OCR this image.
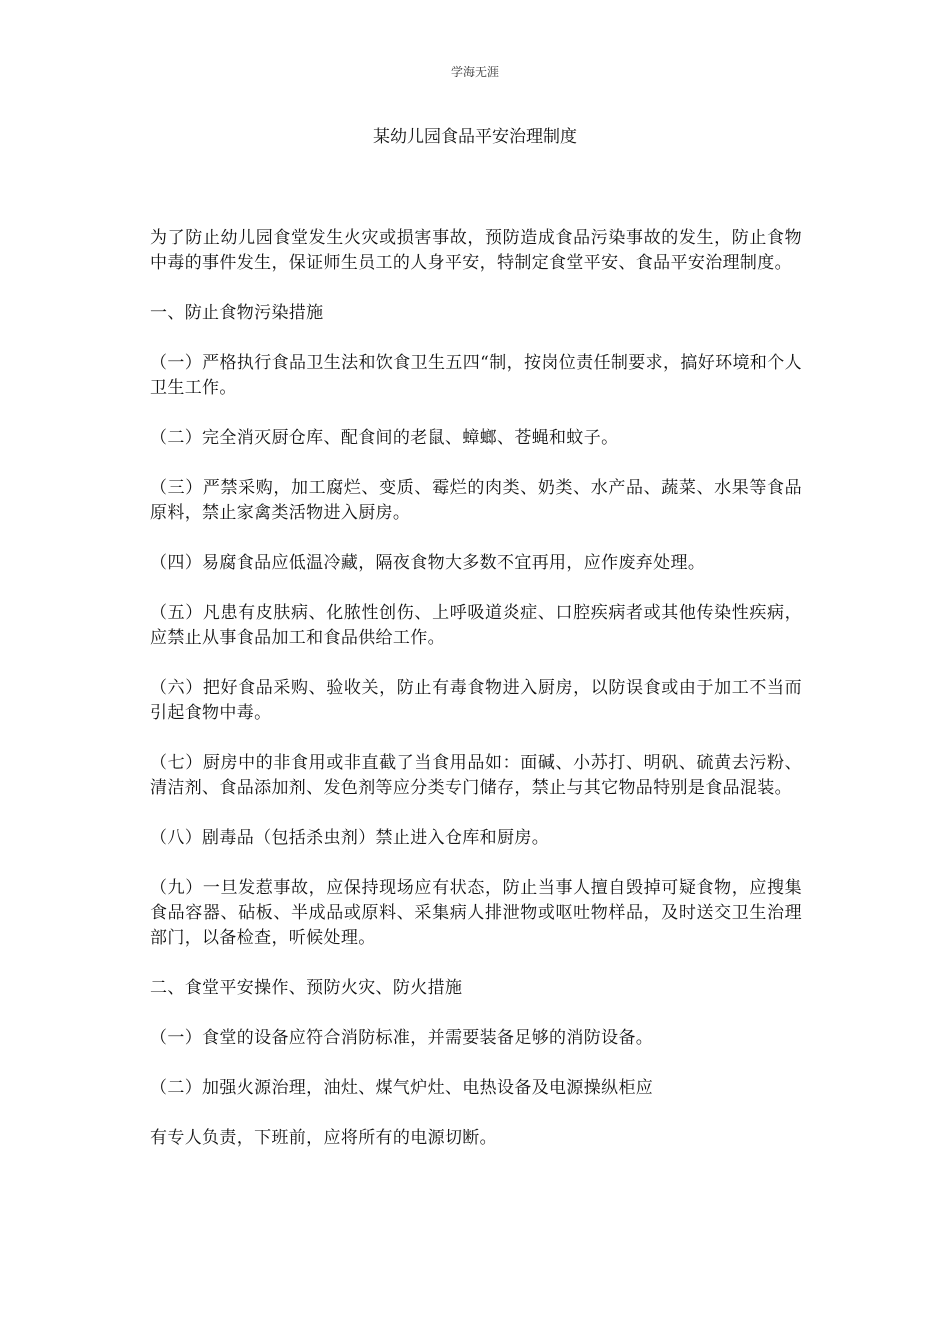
学海无涯
某幼儿园食品平安治理制度

为了防止幼儿园食堂发生火灾或损害事故，预防造成食品污染事故的发生，防止食物中毒的事件发生，保证师生员工的人身平安，特制定食堂平安、食品平安治理制度。

一、防止食物污染措施

（一）严格执行食品卫生法和饮食卫生五四“制，按岗位责任制要求，搞好环境和个人卫生工作。

（二）完全消灭厨仓库、配食间的老鼠、蟑螂、苍蝇和蚊子。

（三）严禁采购，加工腐烂、变质、霉烂的肉类、奶类、水产品、蔬菜、水果等食品原料，禁止家禽类活物进入厨房。

（四）易腐食品应低温冷藏，隔夜食物大多数不宜再用，应作废弃处理。

（五）凡患有皮肤病、化脓性创伤、上呼吸道炎症、口腔疾病者或其他传染性疾病，应禁止从事食品加工和食品供给工作。

（六）把好食品采购、验收关，防止有毒食物进入厨房，以防误食或由于加工不当而引起食物中毒。

（七）厨房中的非食用或非直截了当食用品如：面碱、小苏打、明矾、硫黄去污粉、清洁剂、食品添加剂、发色剂等应分类专门储存，禁止与其它物品特别是食品混装。

（八）剧毒品（包括杀虫剂）禁止进入仓库和厨房。

（九）一旦发惹事故，应保持现场应有状态，防止当事人擅自毁掉可疑食物，应搜集食品容器、砧板、半成品或原料、采集病人排泄物或呕吐物样品，及时送交卫生治理部门，以备检查，听候处理。

二、食堂平安操作、预防火灾、防火措施

（一）食堂的设备应符合消防标准，并需要装备足够的消防设备。

（二）加强火源治理，油灶、煤气炉灶、电热设备及电源操纵柜应

有专人负责，下班前，应将所有的电源切断。
